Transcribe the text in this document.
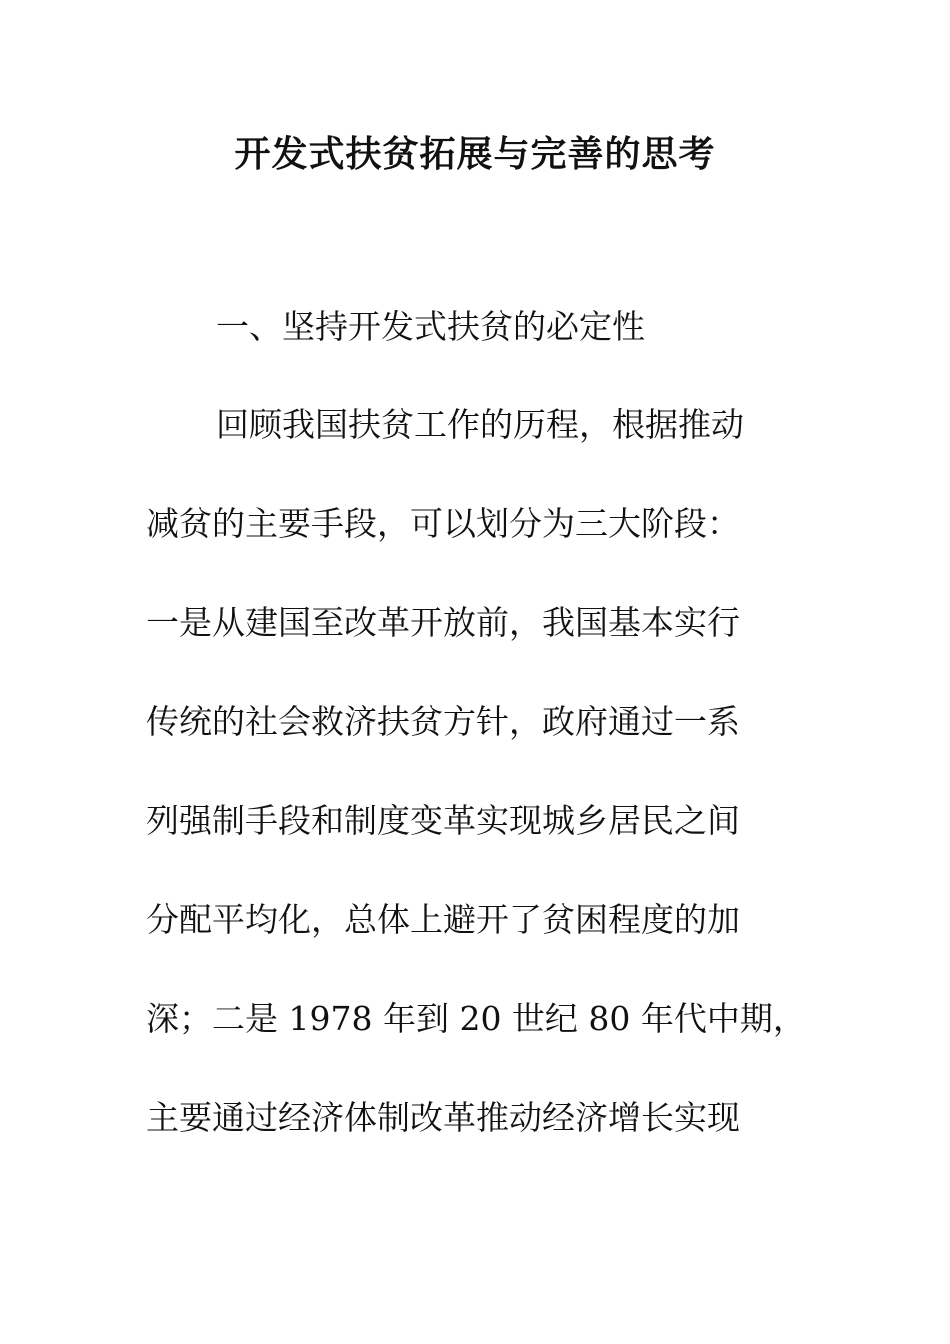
开发式扶贫拓展与完善的思考

一、坚持开发式扶贫的必定性

回顾我国扶贫工作的历程，根据推动

减贫的主要手段，可以划分为三大阶段：

一是从建国至改革开放前，我国基本实行

传统的社会救济扶贫方针，政府通过一系

列强制手段和制度变革实现城乡居民之间

分配平均化，总体上避开了贫困程度的加

深；二是 1978 年到 20 世纪 80 年代中期，

主要通过经济体制改革推动经济增长实现
